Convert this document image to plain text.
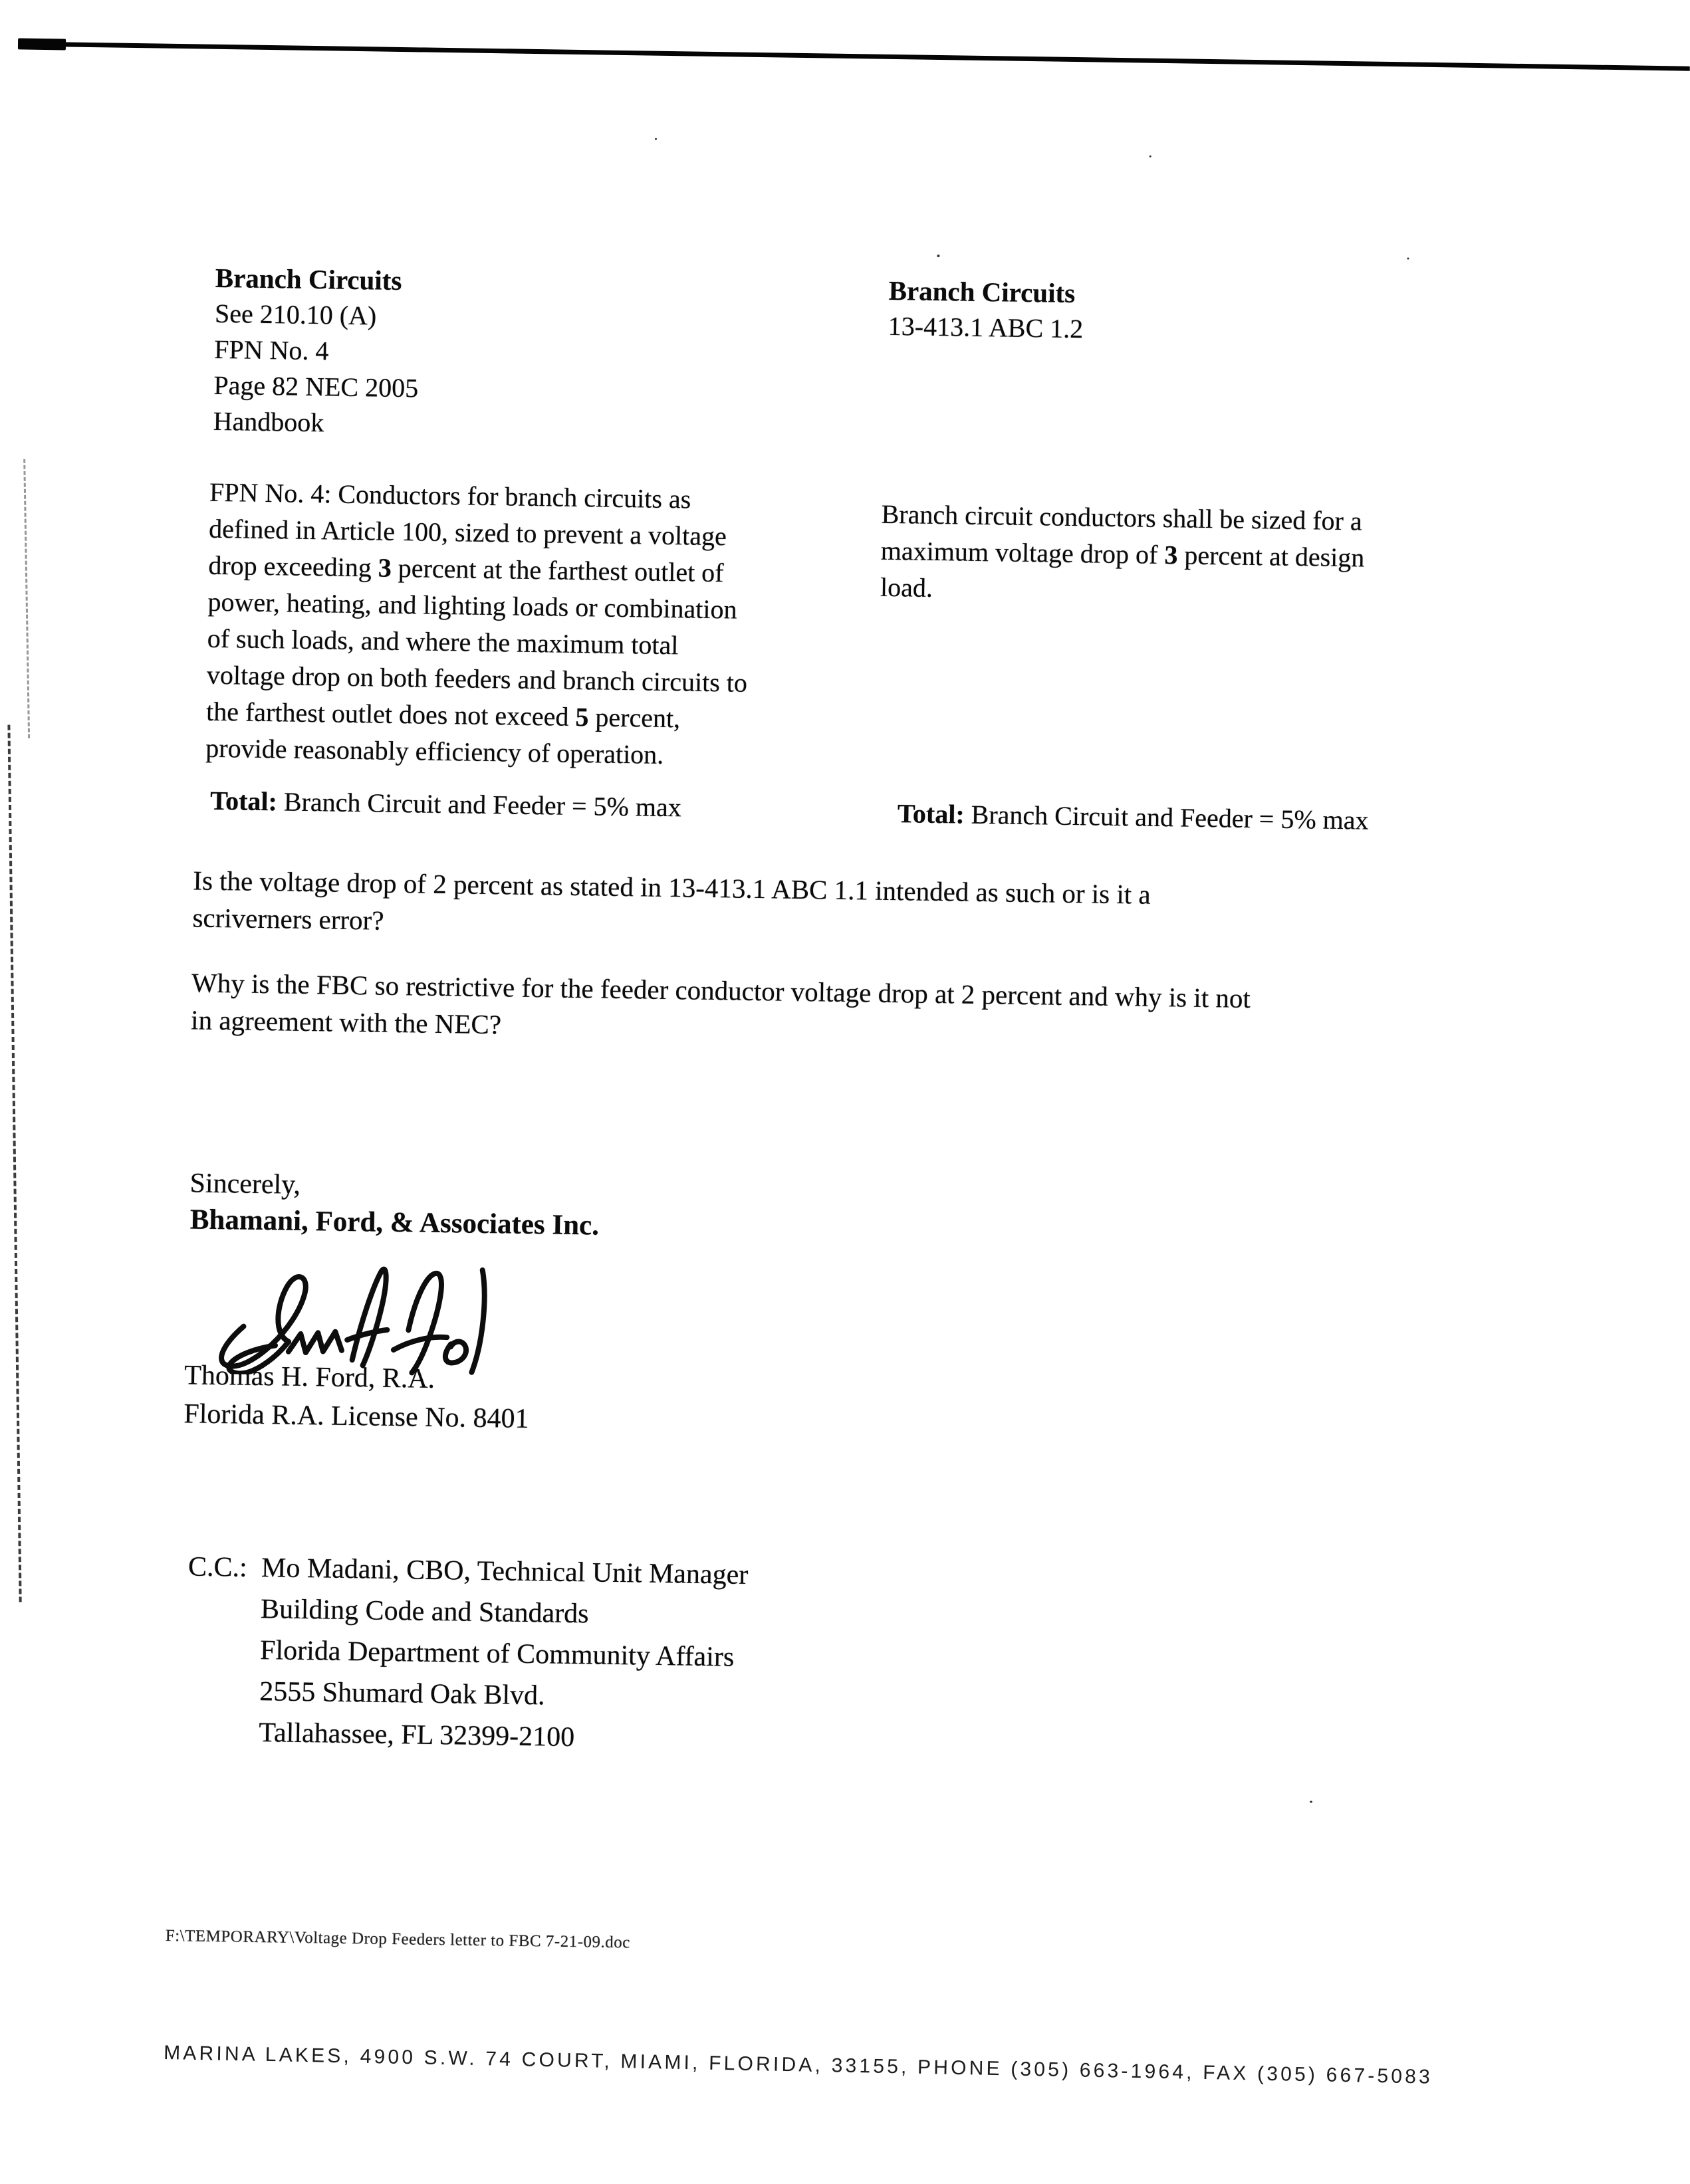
Branch Circuits
See 210.10 (A)
FPN No. 4
Page 82 NEC 2005
Handbook
Branch Circuits
13-413.1 ABC 1.2
FPN No. 4: Conductors for branch circuits as
defined in Article 100, sized to prevent a voltage
drop exceeding 3 percent at the farthest outlet of
power, heating, and lighting loads or combination
of such loads, and where the maximum total
voltage drop on both feeders and branch circuits to
the farthest outlet does not exceed 5 percent,
provide reasonably efficiency of operation.
Branch circuit conductors shall be sized for a
maximum voltage drop of 3 percent at design
load.
Total: Branch Circuit and Feeder = 5% max	Total: Branch Circuit and Feeder = 5% max
Is the voltage drop of 2 percent as stated in 13-413.1 ABC 1.1 intended as such or is it a
scriverners error?
Why is the FBC so restrictive for the feeder conductor voltage drop at 2 percent and why is it not
in agreement with the NEC?
Sincerely,
Bhamani, Ford, & Associates Inc.
Thomas H. Ford, R.A.
Florida R.A. License No. 8401
C.C.: Mo Madani, CBO, Technical Unit Manager
Building Code and Standards
Florida Department of Community Affairs
2555 Shumard Oak Blvd.
Tallahassee, FL 32399-2100
F:\TEMPORARY\Voltage Drop Feeders letter to FBC 7-21-09.doc
MARINA LAKES, 4900 S.W. 74 COURT, MIAMI, FLORIDA, 33155, PHONE (305) 663-1964, FAX (305) 667-5083
